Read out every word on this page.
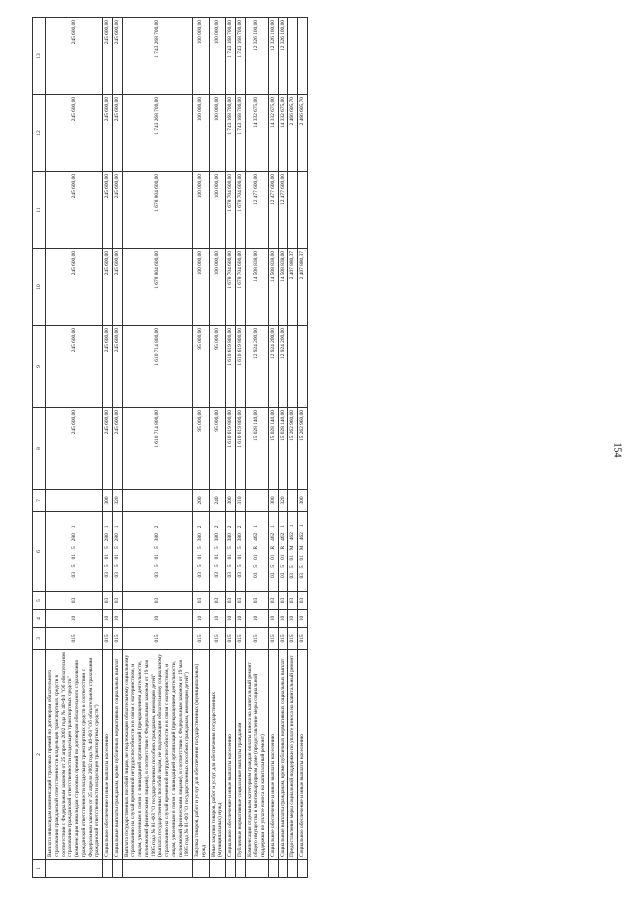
154
1	2	3	4	5	6	7	8	9	10	11	12	13
	Выплата инвалидам компенсаций страховых премий по договорам обязательного страхования гражданской ответственности владельцев транспортных средств в соответствии с Федеральным законом от 25 апреля 2002 года № 40-ФЗ "Об обязательном страховании гражданской ответственности владельцев транспортных средств" (компенсация инвалидам страховых премий по договорам обязательного страхования гражданской ответственности владельцев транспортных средств в соответствии с Федеральным законом от 25 апреля 2002 года № 40-ФЗ "Об обязательном страховании гражданской ответственности владельцев транспортных средств")	015	10	03	0350152801		245 600,00	245 600,00	245 600,00	245 600,00	245 600,00	245 600,00
	Социальное обеспечение и иные выплаты населению	015	10	03	0350152801	300	245 600,00	245 600,00	245 600,00	245 600,00	245 600,00	245 600,00
	Социальные выплаты гражданам, кроме публичных нормативных социальных выплат	015	10	03	0350152801	320	245 600,00	245 600,00	245 600,00	245 600,00	245 600,00	245 600,00
	Выплата государственных пособий лицам, не подлежащим обязательному социальному страхованию на случай временной нетрудоспособности и в связи с материнством, и лицам, уволенным в связи с ликвидацией организаций (прекращением деятельности, полномочий физическими лицами), в соответствии с Федеральным законом от 19 мая 1995 года № 81-ФЗ "О государственных пособиях гражданам, имеющим детей" (выплата государственных пособий лицам, не подлежащим обязательному социальному страхованию на случай временной нетрудоспособности и в связи с материнством, и лицам, уволенным в связи с ликвидацией организаций (прекращением деятельности, полномочий физическими лицами), в соответствии с Федеральным законом от 19 мая 1995 года № 81-ФЗ "О государственных пособиях гражданам, имеющим детей")	015	10	03	0350153802		1 610 714 800,00	1 610 714 800,00	1 678 804 600,00	1 678 804 600,00	1 743 268 700,00	1 743 268 700,00
	Закупка товаров, работ и услуг для обеспечения государственных (муниципальных) нужд	015	10	03	0350153802	200	95 000,00	95 000,00	100 000,00	100 000,00	100 000,00	100 000,00
	Иные закупки товаров, работ и услуг для обеспечения государственных (муниципальных) нужд	015	10	03	0350153802	240	95 000,00	95 000,00	100 000,00	100 000,00	100 000,00	100 000,00
	Социальное обеспечение и иные выплаты населению	015	10	03	0350153802	300	1 610 619 800,00	1 610 619 800,00	1 678 704 600,00	1 678 704 600,00	1 743 168 700,00	1 743 168 700,00
	Публичные нормативные социальные выплаты гражданам	015	10	03	0350153802	310	1 610 619 800,00	1 610 619 800,00	1 678 704 600,00	1 678 704 600,00	1 743 168 700,00	1 743 168 700,00
	Компенсация отдельным категориям граждан оплаты взноса на капитальный ремонт общего имущества в многоквартирном доме (предоставление меры социальной поддержки по уплате взноса на капитальный ремонт)	015	10	03	03501R4621		15 028 140,00	12 924 200,00	14 508 838,00	12 477 600,00	14 332 675,00	12 326 100,00
	Социальное обеспечение и иные выплаты населению	015	10	03	03501R4621	300	15 028 140,00	12 924 200,00	14 508 838,00	12 477 600,00	14 332 675,00	12 326 100,00
	Социальные выплаты гражданам, кроме публичных нормативных социальных выплат	015	10	03	03501R4621	320	15 028 140,00	12 924 200,00	14 508 838,00	12 477 600,00	14 332 675,00	12 326 100,00
	Предоставление меры социальной поддержки по уплате взноса на капитальный ремонт	015	10	03	03501М4621		15 262 960,00		2 407 880,37		2 466 605,70	
	Социальное обеспечение и иные выплаты населению	015	10	03	03501М4621	300	15 262 960,00		2 407 880,37		2 466 605,70	
